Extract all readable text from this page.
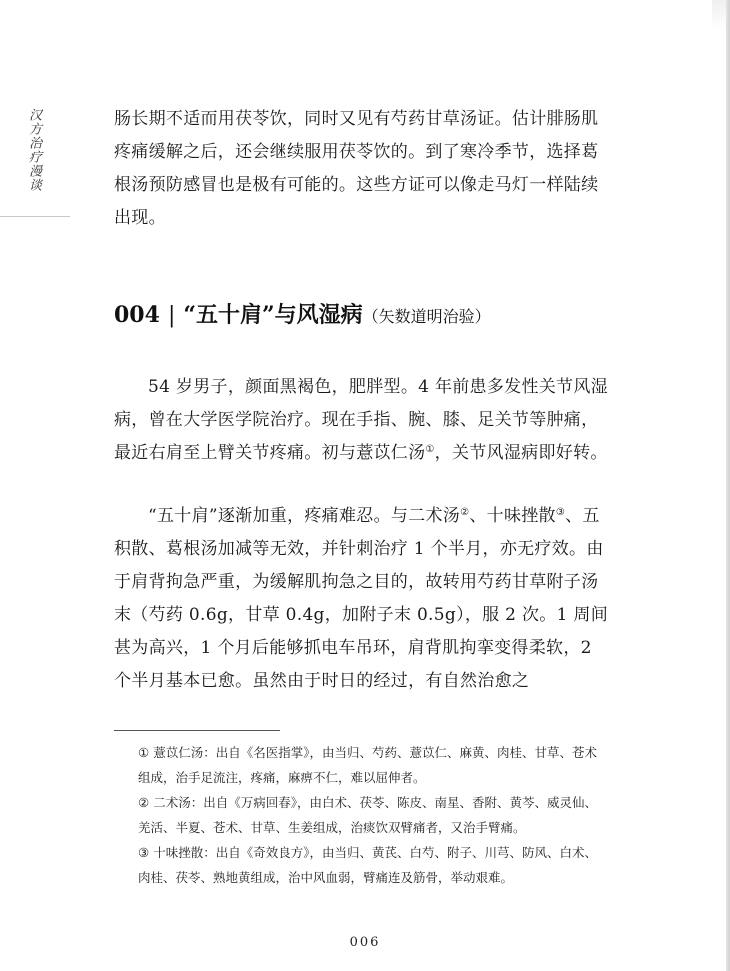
汉方治疗漫谈	肠长期不适而用茯苓饮，同时又见有芍药甘草汤证。估计腓肠肌疼痛缓解之后，还会继续服用茯苓饮的。到了寒冷季节，选择葛根汤预防感冒也是极有可能的。这些方证可以像走马灯一样陆续出现。
004 | “五十肩”与风湿病（矢数道明治验）
54 岁男子，颜面黑褐色，肥胖型。4 年前患多发性关节风湿病，曾在大学医学院治疗。现在手指、腕、膝、足关节等肿痛，最近右肩至上臂关节疼痛。初与薏苡仁汤①，关节风湿病即好转。
“五十肩”逐渐加重，疼痛难忍。与二术汤②、十味挫散③、五积散、葛根汤加减等无效，并针刺治疗 1 个半月，亦无疗效。由于肩背拘急严重，为缓解肌拘急之目的，故转用芍药甘草附子汤末（芍药 0.6g，甘草 0.4g，加附子末 0.5g），服 2 次。1 周间甚为高兴，1 个月后能够抓电车吊环，肩背肌拘挛变得柔软，2 个半月基本已愈。虽然由于时日的经过，有自然治愈之

① 薏苡仁汤：出自《名医指掌》，由当归、芍药、薏苡仁、麻黄、肉桂、甘草、苍术组成，治手足流注，疼痛，麻痹不仁，难以屈伸者。

② 二术汤：出自《万病回春》，由白术、茯苓、陈皮、南星、香附、黄芩、威灵仙、羌活、半夏、苍术、甘草、生姜组成，治痰饮双臂痛者，又治手臂痛。

③ 十味挫散：出自《奇效良方》，由当归、黄芪、白芍、附子、川芎、防风、白术、肉桂、茯苓、熟地黄组成，治中风血弱，臂痛连及筋骨，举动艰难。

006
